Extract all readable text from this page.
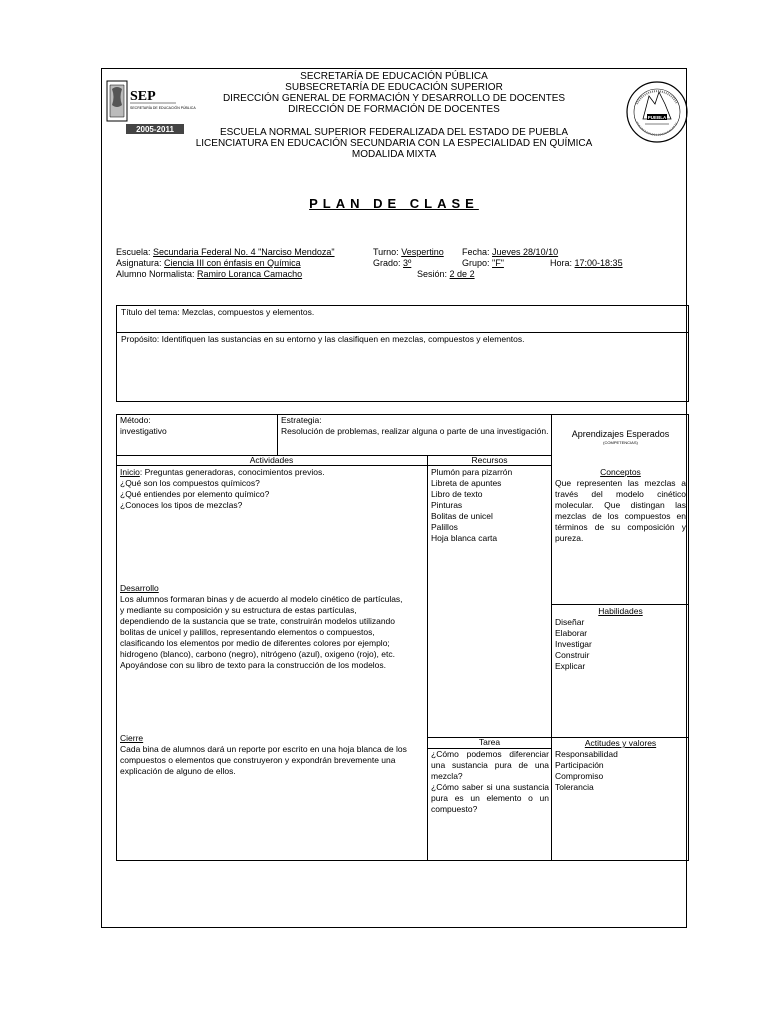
SEP
SECRETARÍA DE EDUCACIÓN PÚBLICA
2005-2011
SECRETARÍA DE EDUCACIÓN PÚBLICA
SUBSECRETARÍA DE EDUCACIÓN SUPERIOR
DIRECCIÓN GENERAL DE FORMACIÓN Y DESARROLLO DE DOCENTES
DIRECCIÓN DE FORMACIÓN DE DOCENTES
ESCUELA NORMAL SUPERIOR FEDERALIZADA DEL ESTADO DE PUEBLA
LICENCIATURA EN EDUCACIÓN SECUNDARIA CON LA ESPECIALIDAD EN QUÍMICA
MODALIDA MIXTA
PUEBLA
PLAN DE CLASE
Escuela: Secundaria Federal No. 4 "Narciso Mendoza"	Turno: Vespertino Fecha: Jueves 28/10/10
Asignatura: Ciencia III con énfasis en Química	Grado: 3º	Grupo: "F"	Hora: 17:00-18:35
Alumno Normalista: Ramiro Loranca Camacho	Sesión: 2 de 2
Título del tema: Mezclas, compuestos y elementos.
Propósito: Identifiquen las sustancias en su entorno y las clasifiquen en mezclas, compuestos y elementos.
Método:
investigativo
Estrategia:
Resolución de problemas, realizar alguna o parte de una investigación.	Aprendizajes Esperados
(COMPETENCIAS)
Actividades	Recursos
Inicio: Preguntas generadoras, conocimientos previos.
¿Qué son los compuestos químicos?
¿Qué entiendes por elemento químico?
¿Conoces los tipos de mezclas?
Desarrollo
Los alumnos formaran binas y de acuerdo al modelo cinético de partículas, y mediante su composición y su estructura de estas partículas, dependiendo de la sustancia que se trate, construirán modelos utilizando bolitas de unicel y palillos, representando elementos o compuestos, clasificando los elementos por medio de diferentes colores por ejemplo; hidrogeno (blanco), carbono (negro), nitrógeno (azul), oxigeno (rojo), etc.
Apoyándose con su libro de texto para la construcción de los modelos.
Cierre
Cada bina de alumnos dará un reporte por escrito en una hoja blanca de los compuestos o elementos que construyeron y expondrán brevemente una explicación de alguno de ellos.
Plumón para pizarrón
Libreta de apuntes
Libro de texto
Pinturas
Bolitas de unicel
Palillos
Hoja blanca carta
Tarea
¿Cómo podemos diferenciar una sustancia pura de una mezcla?
¿Cómo saber si una sustancia pura es un elemento o un compuesto?
Conceptos
Que representen las mezclas a través del modelo cinético molecular. Que distingan las mezclas de los compuestos en términos de su composición y pureza.
Habilidades
Diseñar
Elaborar
Investigar
Construir
Explicar
Actitudes y valores
Responsabilidad
Participación
Compromiso
Tolerancia
